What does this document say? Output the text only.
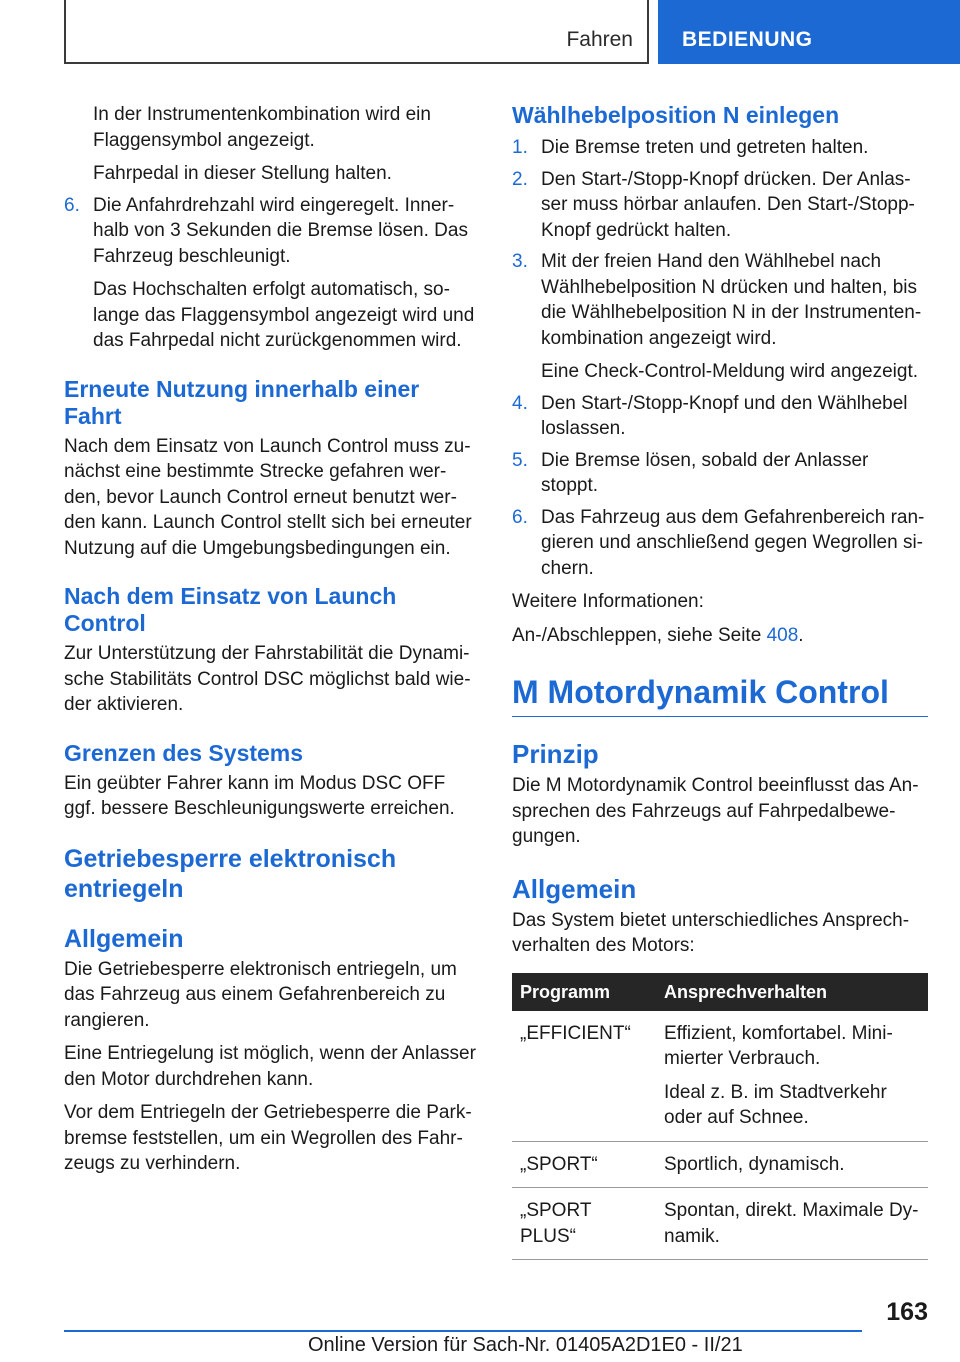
Fahren BEDIENUNG

In der Instrumentenkombination wird ein Flaggensymbol angezeigt.

Fahrpedal in dieser Stellung halten.

6. Die Anfahrdrehzahl wird eingeregelt. Inner-halb von 3 Sekunden die Bremse lösen. Das Fahrzeug beschleunigt.

Das Hochschalten erfolgt automatisch, so-lange das Flaggensymbol angezeigt wird und das Fahrpedal nicht zurückgenommen wird.

Erneute Nutzung innerhalb einer Fahrt

Nach dem Einsatz von Launch Control muss zu-nächst eine bestimmte Strecke gefahren wer-den, bevor Launch Control erneut benutzt wer-den kann. Launch Control stellt sich bei erneuter Nutzung auf die Umgebungsbedingungen ein.

Nach dem Einsatz von Launch Control

Zur Unterstützung der Fahrstabilität die Dynami-sche Stabilitäts Control DSC möglichst bald wie-der aktivieren.

Grenzen des Systems

Ein geübter Fahrer kann im Modus DSC OFF ggf. bessere Beschleunigungswerte erreichen.

Getriebesperre elektronisch entriegeln
Allgemein

Die Getriebesperre elektronisch entriegeln, um das Fahrzeug aus einem Gefahrenbereich zu rangieren.

Eine Entriegelung ist möglich, wenn der Anlasser den Motor durchdrehen kann.

Vor dem Entriegeln der Getriebesperre die Park-bremse feststellen, um ein Wegrollen des Fahr-zeugs zu verhindern.

Wählhebelposition N einlegen
1. Die Bremse treten und getreten halten.

2. Den Start-/Stopp-Knopf drücken. Der Anlas-ser muss hörbar anlaufen. Den Start-/Stopp-Knopf gedrückt halten.

3. Mit der freien Hand den Wählhebel nach Wählhebelposition N drücken und halten, bis die Wählhebelposition N in der Instrumenten-kombination angezeigt wird.

Eine Check-Control-Meldung wird angezeigt.

4. Den Start-/Stopp-Knopf und den Wählhebel loslassen.

5. Die Bremse lösen, sobald der Anlasser stoppt.

6. Das Fahrzeug aus dem Gefahrenbereich ran-gieren und anschließend gegen Wegrollen si-chern.

Weitere Informationen:

An-/Abschleppen, siehe Seite 408.

M Motordynamik Control
Prinzip

Die M Motordynamik Control beeinflusst das An-sprechen des Fahrzeugs auf Fahrpedalbewe-gungen.

Allgemein

Das System bietet unterschiedliches Ansprech-verhalten des Motors:

Programm	Ansprechverhalten
„EFFICIENT“	Effizient, komfortabel. Mini-mierter Verbrauch.

Ideal z. B. im Stadtverkehr oder auf Schnee.

„SPORT“	Sportlich, dynamisch.
„SPORT PLUS“	Spontan, direkt. Maximale Dy-namik.
163
Online Version für Sach-Nr. 01405A2D1E0 - II/21
